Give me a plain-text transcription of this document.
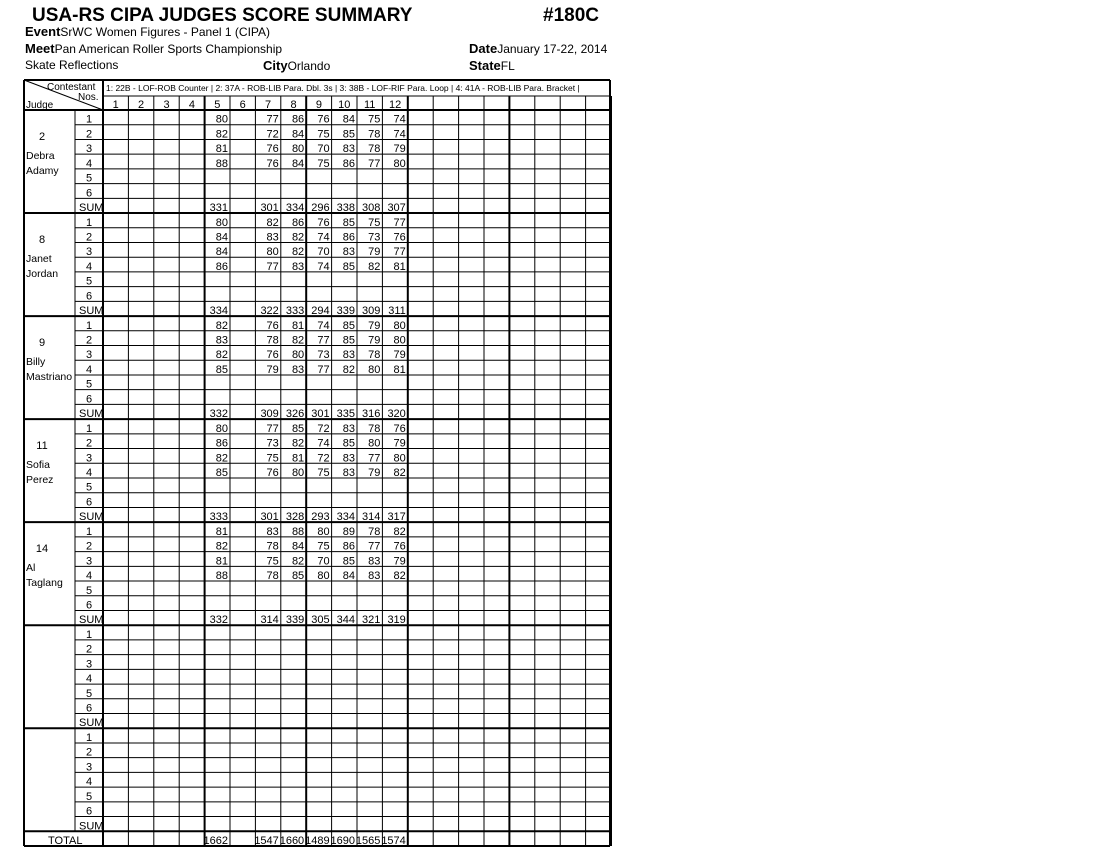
USA-RS CIPA JUDGES SCORE SUMMARY	#180C
EventSrWC Women Figures - Panel 1 (CIPA)
MeetPan American Roller Sports Championship	DateJanuary 17-22, 2014
Skate Reflections	CityOrlando	StateFL
Contestant
Nos.
Judge
1: 22B - LOF-ROB Counter | 2: 37A - ROB-LIB Para. Dbl. 3s | 3: 38B - LOF-RIF Para. Loop | 4: 41A - ROB-LIB Para. Bracket |
1 2 3 4 5 6 7 8 9 10 11 12
2
Debra
Adamy
1	80	77 86 76 84 75 74
2	82	72 84 75 85 78 74
3	81	76 80 70 83 78 79
4	88	76 84 75 86 77 80
5
6
SUM	331	301 334 296 338 308 307
8
Janet
Jordan
1	80	82 86 76 85 75 77
2	84	83 82 74 86 73 76
3	84	80 82 70 83 79 77
4	86	77 83 74 85 82 81
5
6
SUM	334	322 333 294 339 309 311
9
Billy
Mastriano
1	82	76 81 74 85 79 80
2	83	78 82 77 85 79 80
3	82	76 80 73 83 78 79
4	85	79 83 77 82 80 81
5
6
SUM	332	309 326 301 335 316 320
11
Sofia
Perez
1	80	77 85 72 83 78 76
2	86	73 82 74 85 80 79
3	82	75 81 72 83 77 80
4	85	76 80 75 83 79 82
5
6
SUM	333	301 328 293 334 314 317
14
Al
Taglang
1	81	83 88 80 89 78 82
2	82	78 84 75 86 77 76
3	81	75 82 70 85 83 79
4	88	78 85 80 84 83 82
5
6
SUM	332	314 339 305 344 321 319
1
2
3
4
5
6
SUM
1
2
3
4
5
6
SUM
TOTAL	1662 1547 1660 1489 1690 1565 1574
